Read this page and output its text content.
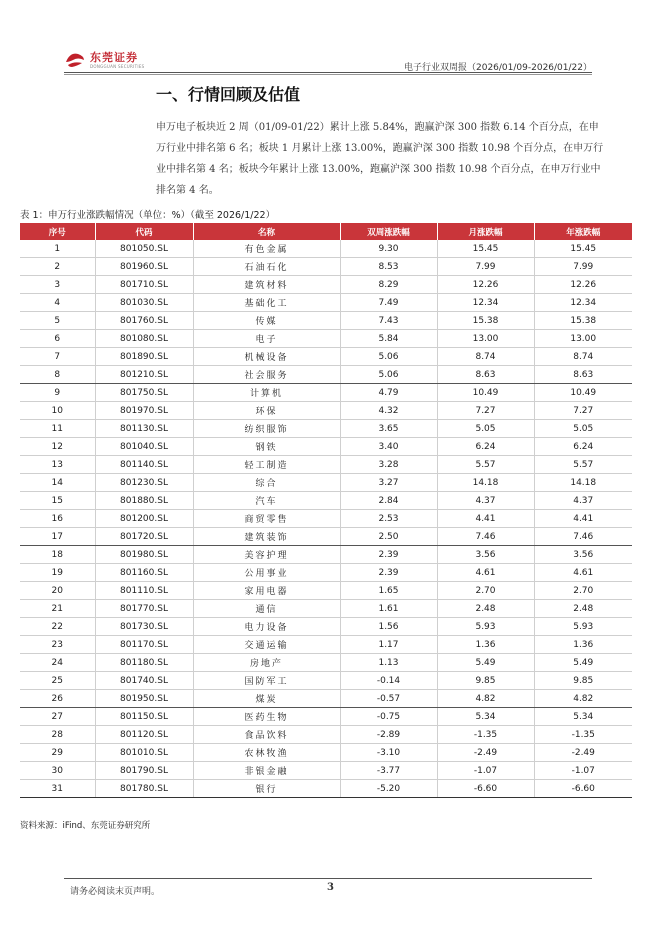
东莞证券
DONGGUAN SECURITIES	电子行业双周报（2026/01/09-2026/01/22）
一、行情回顾及估值
申万电子板块近 2 周（01/09-01/22）累计上涨 5.84%，跑赢沪深 300 指数 6.14 个百分点，在申万行业中排名第 6 名；板块 1 月累计上涨 13.00%，跑赢沪深 300 指数 10.98 个百分点，在申万行业中排名第 4 名；板块今年累计上涨 13.00%，跑赢沪深 300 指数 10.98 个百分点，在申万行业中排名第 4 名。
表 1：申万行业涨跌幅情况（单位：%）（截至 2026/1/22）
序号	代码	名称	双周涨跌幅	月涨跌幅	年涨跌幅
1	801050.SL	有色金属	9.30	15.45	15.45
2	801960.SL	石油石化	8.53	7.99	7.99
3	801710.SL	建筑材料	8.29	12.26	12.26
4	801030.SL	基础化工	7.49	12.34	12.34
5	801760.SL	传媒	7.43	15.38	15.38
6	801080.SL	电子	5.84	13.00	13.00
7	801890.SL	机械设备	5.06	8.74	8.74
8	801210.SL	社会服务	5.06	8.63	8.63
9	801750.SL	计算机	4.79	10.49	10.49
10	801970.SL	环保	4.32	7.27	7.27
11	801130.SL	纺织服饰	3.65	5.05	5.05
12	801040.SL	钢铁	3.40	6.24	6.24
13	801140.SL	轻工制造	3.28	5.57	5.57
14	801230.SL	综合	3.27	14.18	14.18
15	801880.SL	汽车	2.84	4.37	4.37
16	801200.SL	商贸零售	2.53	4.41	4.41
17	801720.SL	建筑装饰	2.50	7.46	7.46
18	801980.SL	美容护理	2.39	3.56	3.56
19	801160.SL	公用事业	2.39	4.61	4.61
20	801110.SL	家用电器	1.65	2.70	2.70
21	801770.SL	通信	1.61	2.48	2.48
22	801730.SL	电力设备	1.56	5.93	5.93
23	801170.SL	交通运输	1.17	1.36	1.36
24	801180.SL	房地产	1.13	5.49	5.49
25	801740.SL	国防军工	-0.14	9.85	9.85
26	801950.SL	煤炭	-0.57	4.82	4.82
27	801150.SL	医药生物	-0.75	5.34	5.34
28	801120.SL	食品饮料	-2.89	-1.35	-1.35
29	801010.SL	农林牧渔	-3.10	-2.49	-2.49
30	801790.SL	非银金融	-3.77	-1.07	-1.07
31	801780.SL	银行	-5.20	-6.60	-6.60
资料来源：iFind、东莞证券研究所
请务必阅读末页声明。	3
